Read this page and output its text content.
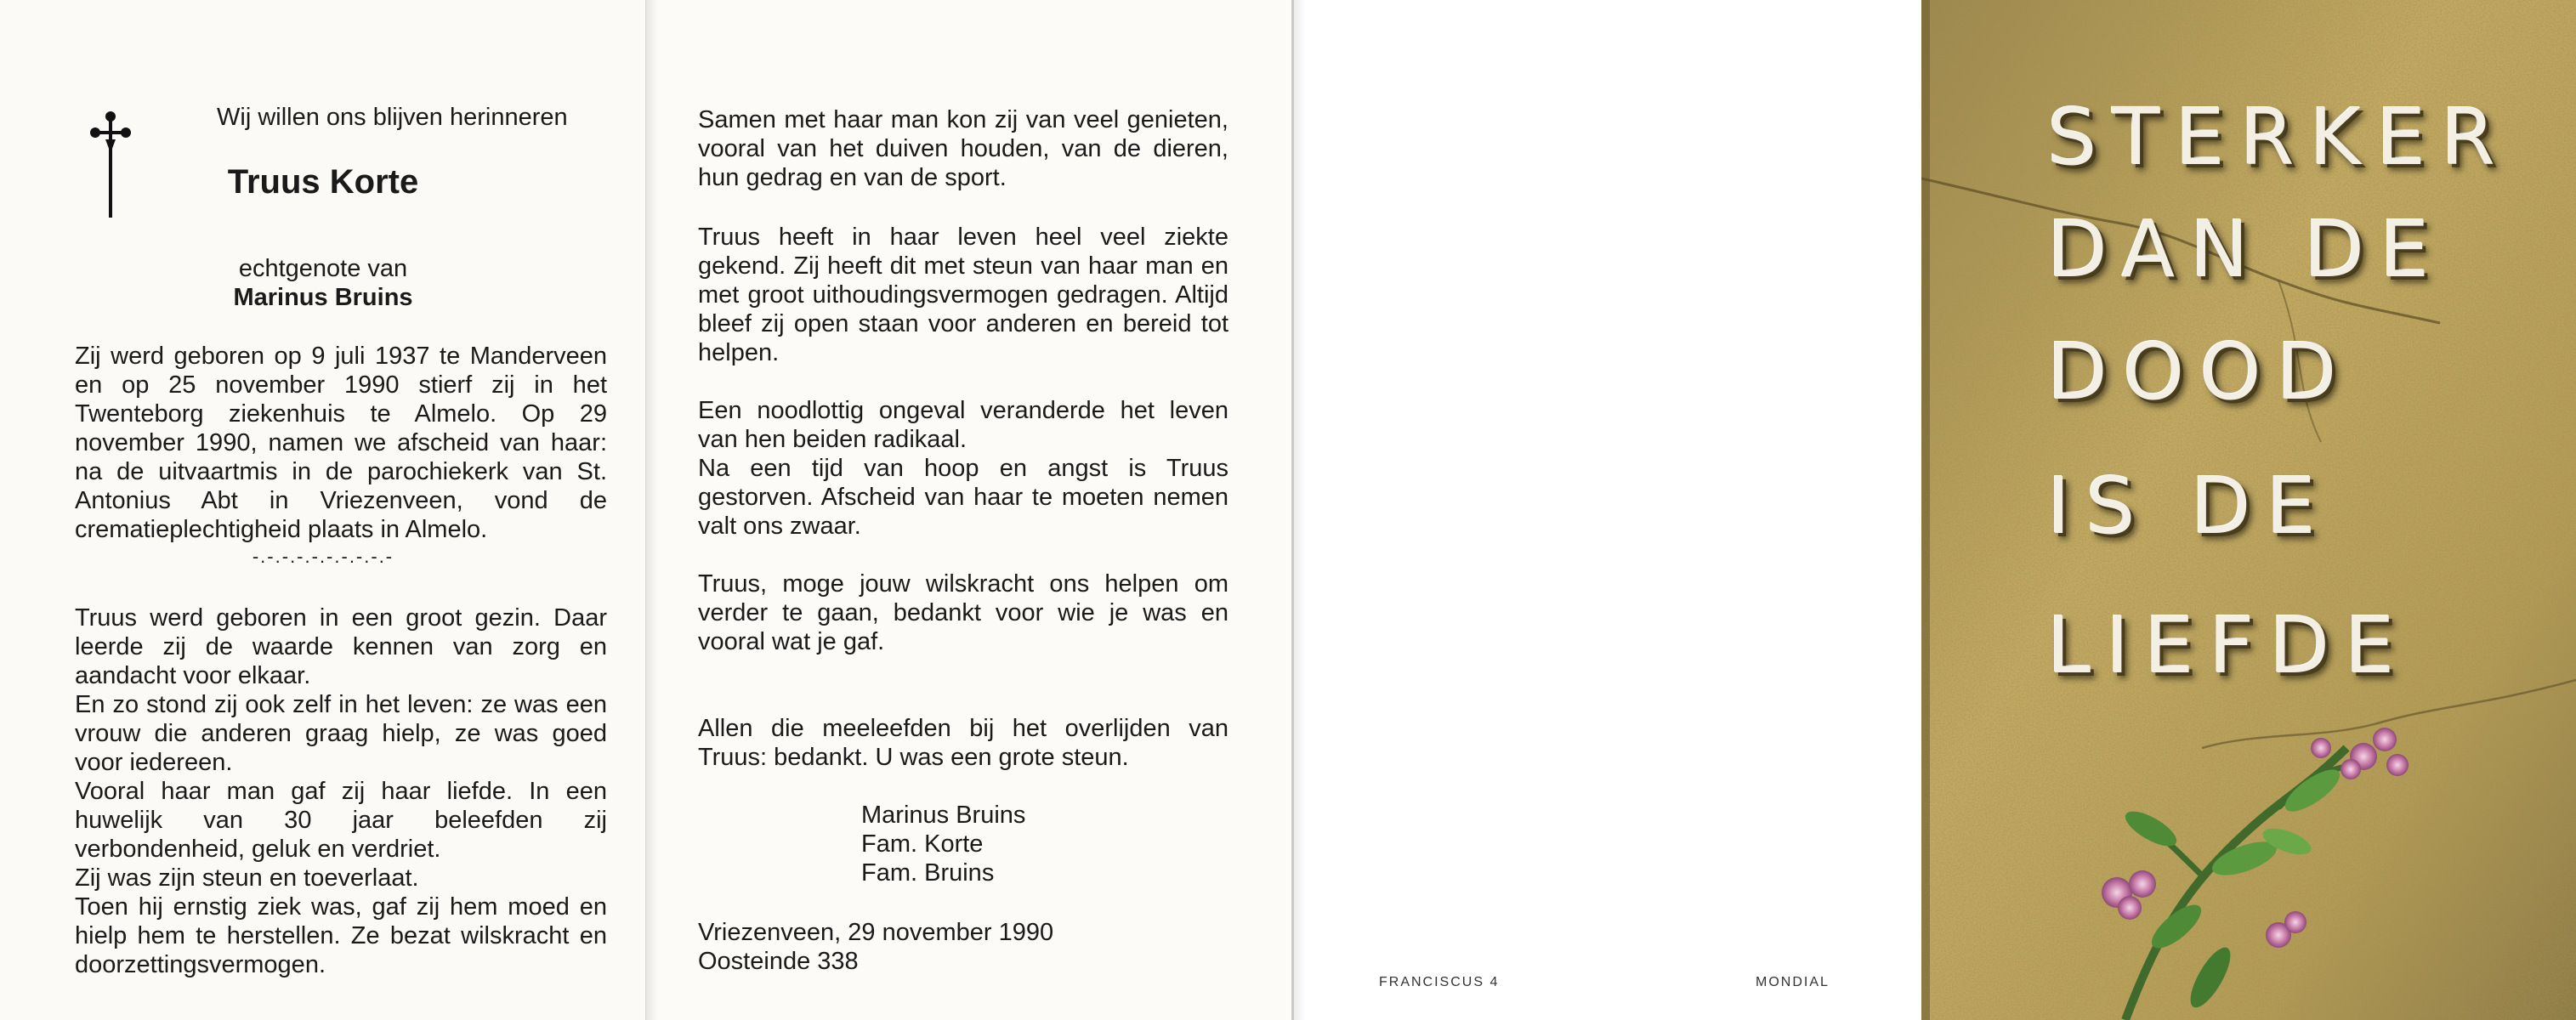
Wij willen ons blijven herinneren
Truus Korte
echtgenote van
Marinus Bruins
Zij werd geboren op 9 juli 1937 te Manderveen en op 25 november 1990 stierf zij in het Twenteborg ziekenhuis te Almelo. Op 29 november 1990, namen we afscheid van haar: na de uitvaartmis in de parochiekerk van St. Antonius Abt in Vriezenveen, vond de crematieplechtigheid plaats in Almelo.
-.-.-.-.-.-.-.-.-.-

Truus werd geboren in een groot gezin. Daar leerde zij de waarde kennen van zorg en aandacht voor elkaar.

En zo stond zij ook zelf in het leven: ze was een vrouw die anderen graag hielp, ze was goed voor iedereen.

Vooral haar man gaf zij haar liefde. In een huwelijk van 30 jaar beleefden zij verbondenheid, geluk en verdriet.

Zij was zijn steun en toeverlaat.

Toen hij ernstig ziek was, gaf zij hem moed en hielp hem te herstellen. Ze bezat wilskracht en doorzettingsvermogen.

Samen met haar man kon zij van veel genieten, vooral van het duiven houden, van de dieren, hun gedrag en van de sport.
Truus heeft in haar leven heel veel ziekte gekend. Zij heeft dit met steun van haar man en met groot uithoudingsvermogen gedragen. Altijd bleef zij open staan voor anderen en bereid tot helpen.

Een noodlottig ongeval veranderde het leven van hen beiden radikaal.

Na een tijd van hoop en angst is Truus gestorven. Afscheid van haar te moeten nemen valt ons zwaar.

Truus, moge jouw wilskracht ons helpen om verder te gaan, bedankt voor wie je was en vooral wat je gaf.
Allen die meeleefden bij het overlijden van Truus: bedankt. U was een grote steun.
Marinus Bruins
Fam. Korte
Fam. Bruins
Vriezenveen, 29 november 1990
Oosteinde 338
FRANCISCUS 4	MONDIAL
STERKER
DAN DE
DOOD
IS DE
LIEFDE
